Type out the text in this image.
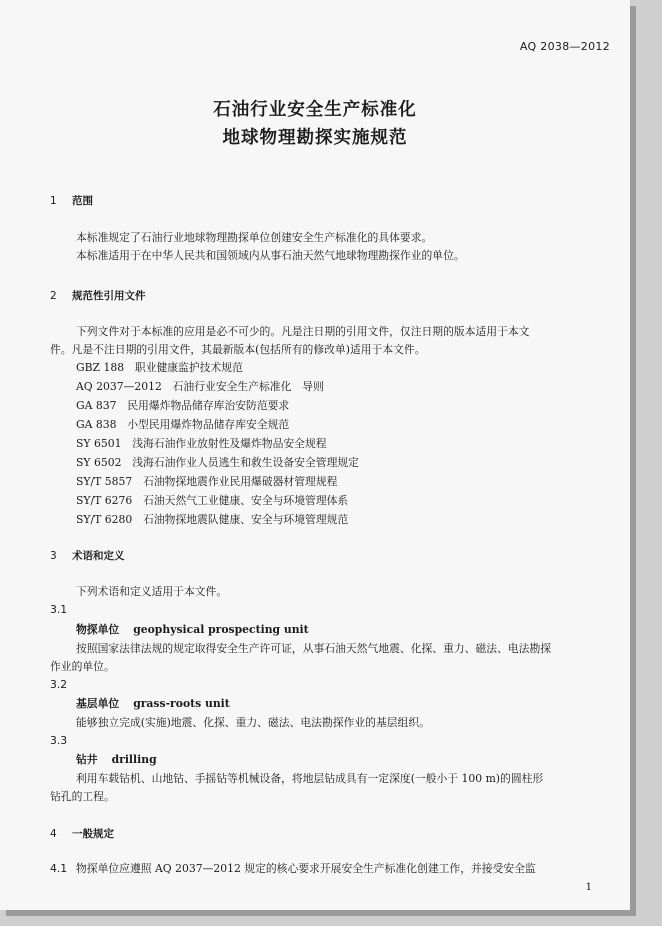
AQ 2038—2012
石油行业安全生产标准化
地球物理勘探实施规范
1 范围
本标准规定了石油行业地球物理勘探单位创建安全生产标准化的具体要求。
本标准适用于在中华人民共和国领域内从事石油天然气地球物理勘探作业的单位。
2 规范性引用文件
下列文件对于本标准的应用是必不可少的。凡是注日期的引用文件，仅注日期的版本适用于本文
件。凡是不注日期的引用文件，其最新版本(包括所有的修改单)适用于本文件。
GBZ 188　职业健康监护技术规范
AQ 2037—2012　石油行业安全生产标准化　导则
GA 837　民用爆炸物品储存库治安防范要求
GA 838　小型民用爆炸物品储存库安全规范
SY 6501　浅海石油作业放射性及爆炸物品安全规程
SY 6502　浅海石油作业人员逃生和救生设备安全管理规定
SY/T 5857　石油物探地震作业民用爆破器材管理规程
SY/T 6276　石油天然气工业健康、安全与环境管理体系
SY/T 6280　石油物探地震队健康、安全与环境管理规范
3 术语和定义
下列术语和定义适用于本文件。
3.1
物探单位 geophysical prospecting unit
按照国家法律法规的规定取得安全生产许可证，从事石油天然气地震、化探、重力、磁法、电法勘探
作业的单位。
3.2
基层单位 grass-roots unit
能够独立完成(实施)地震、化探、重力、磁法、电法勘探作业的基层组织。
3.3
钻井 drilling
利用车载钻机、山地钻、手摇钻等机械设备，将地层钻成具有一定深度(一般小于 100 m)的圆柱形
钻孔的工程。
4 一般规定
4.1 物探单位应遵照 AQ 2037—2012 规定的核心要求开展安全生产标准化创建工作，并接受安全监
1
